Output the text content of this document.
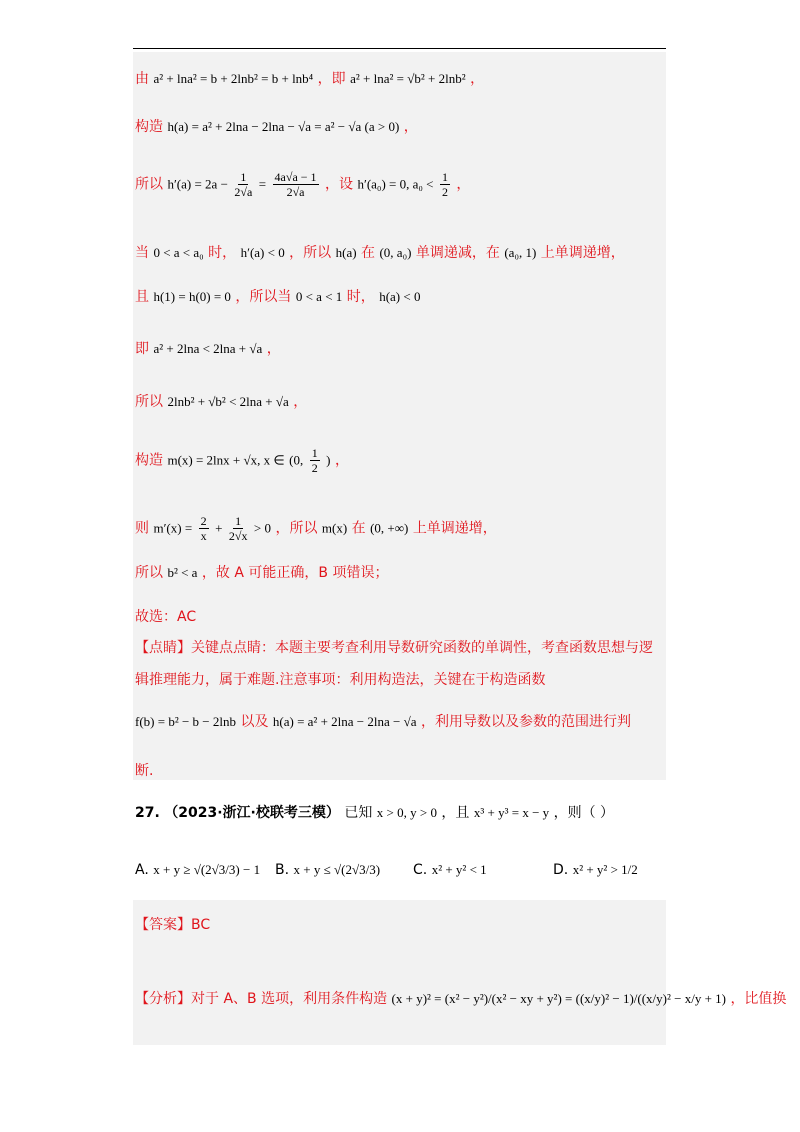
由 a² + lna² = b + 2lnb² = b + lnb⁴ ，即 a² + lna² = √b² + 2lnb² ，
构造 h(a) = a² + 2lna − 2lna − √a = a² − √a (a > 0) ，
所以 $h'(a) = 2a - \frac{1}{2√a} = \frac{4a√a - 1}{2√a}$ ，设 h′(a₀) = 0, $a_0 < \frac{1}{2}$ ，
当 0 < a < a₀ 时， h′(a) < 0 ，所以 h(a) 在 (0, a₀) 单调递减，在 (a₀, 1) 上单调递增，
且 h(1) = h(0) = 0 ，所以当 0 < a < 1 时， h(a) < 0
即 a² + 2lna < 2lna + √a ，
所以 2lnb² + √b² < 2lna + √a ，
构造 m(x) = 2lnx + √x, x ∈ (0, $\frac{1}{2}$ ) ，
则 $m'(x) = \frac{2}{x} + \frac{1}{2√x} > 0$ ，所以 m(x) 在 (0, +∞) 上单调递增，
所以 b² < a ，故 A 可能正确，B 项错误；
故选：AC
【点睛】关键点点睛：本题主要考查利用导数研究函数的单调性，考查函数思想与逻
辑推理能力，属于难题.注意事项：利用构造法，关键在于构造函数
f(b) = b² − b − 2lnb 以及 h(a) = a² + 2lna − 2lna − √a ，利用导数以及参数的范围进行判
断.
27. （2023·浙江·校联考三模） 已知 x > 0, y > 0 ，且 x³ + y³ = x − y ，则（ ）
A. x + y ≥ √(2√3/3) − 1 B. x + y ≤ √(2√3/3) C. x² + y² < 1	D. x² + y² > 1/2
【答案】BC
【分析】对于 A、B 选项，利用条件构造 (x + y)² = (x² − y²)/(x² − xy + y²) = ((x/y)² − 1)/((x/y)² − x/y + 1) ，比值换
